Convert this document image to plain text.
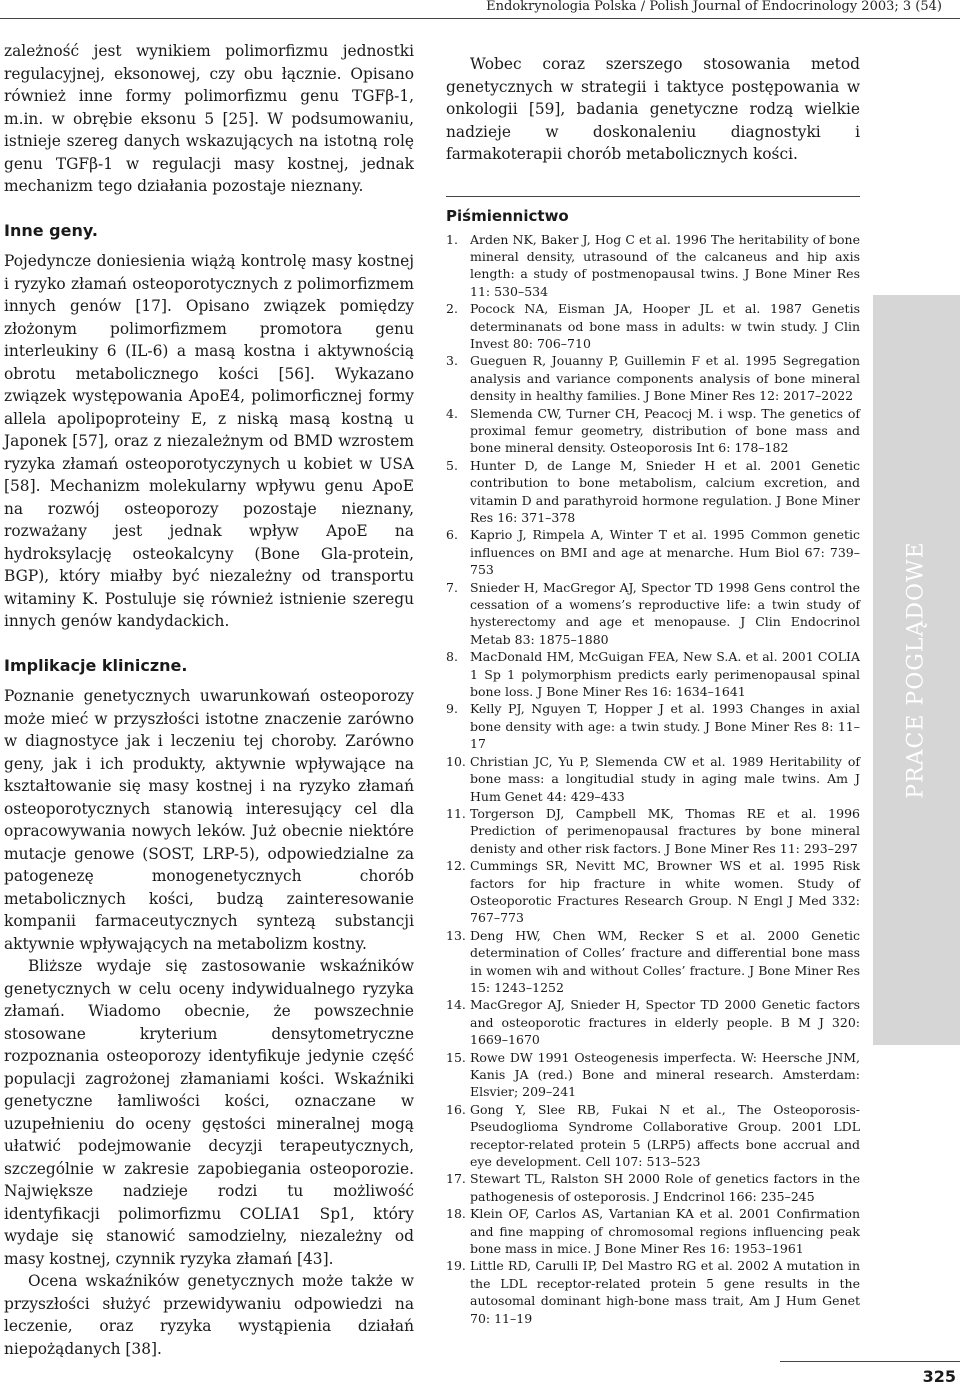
Endokrynologia Polska / Polish Journal of Endocrinology 2003; 3 (54)

zależność jest wynikiem polimorfizmu jednostki regulacyjnej, eksonowej, czy obu łącznie. Opisano również inne formy polimorfizmu genu TGFβ-1, m.in. w obrębie eksonu 5 [25]. W podsumowaniu, istnieje szereg danych wskazujących na istotną rolę genu TGFβ-1 w regulacji masy kostnej, jednak mechanizm tego działania pozostaje nieznany.

Inne geny.

Pojedyncze doniesienia wiążą kontrolę masy kostnej i ryzyko złamań osteoporotycznych z polimorfizmem innych genów [17]. Opisano związek pomiędzy złożonym polimorfizmem promotora genu interleukiny 6 (IL-6) a masą kostna i aktywnością obrotu metabolicznego kości [56]. Wykazano związek występowania ApoE4, polimorficznej formy allela apolipoproteiny E, z niską masą kostną u Japonek [57], oraz z niezależnym od BMD wzrostem ryzyka złamań osteoporotyczynych u kobiet w USA [58]. Mechanizm molekularny wpływu genu ApoE na rozwój osteoporozy pozostaje nieznany, rozważany jest jednak wpływ ApoE na hydroksylację osteokalcyny (Bone Gla-protein, BGP), który miałby być niezależny od transportu witaminy K. Postuluje się również istnienie szeregu innych genów kandydackich.

Implikacje kliniczne.

Poznanie genetycznych uwarunkowań osteoporozy może mieć w przyszłości istotne znaczenie zarówno w diagnostyce jak i leczeniu tej choroby. Zarówno geny, jak i ich produkty, aktywnie wpływające na kształtowanie się masy kostnej i na ryzyko złamań osteoporotycznych stanowią interesujący cel dla opracowywania nowych leków. Już obecnie niektóre mutacje genowe (SOST, LRP-5), odpowiedzialne za patogenezę monogenetycznych chorób metabolicznych kości, budzą zainteresowanie kompanii farmaceutycznych syntezą substancji aktywnie wpływających na metabolizm kostny.

Bliższe wydaje się zastosowanie wskaźników genetycznych w celu oceny indywidualnego ryzyka złamań. Wiadomo obecnie, że powszechnie stosowane kryterium densytometryczne rozpoznania osteoporozy identyfikuje jedynie część populacji zagrożonej złamaniami kości. Wskaźniki genetyczne łamliwości kości, oznaczane w uzupełnieniu do oceny gęstości mineralnej mogą ułatwić podejmowanie decyzji terapeutycznych, szczególnie w zakresie zapobiegania osteoporozie. Największe nadzieje rodzi tu możliwość identyfikacji polimorfizmu COLIA1 Sp1, który wydaje się stanowić samodzielny, niezależny od masy kostnej, czynnik ryzyka złamań [43].

Ocena wskaźników genetycznych może także w przyszłości służyć przewidywaniu odpowiedzi na leczenie, oraz ryzyka wystąpienia działań niepożądanych [38].

Wobec coraz szerszego stosowania metod genetycznych w strategii i taktyce postępowania w onkologii [59], badania genetyczne rodzą wielkie nadzieje w doskonaleniu diagnostyki i farmakoterapii chorób metabolicznych kości.

Piśmiennictwo
1. Arden NK, Baker J, Hog C et al. 1996 The heritability of bone mineral density, utrasound of the calcaneus and hip axis length: a study of postmenopausal twins. J Bone Miner Res 11: 530–534
2. Pocock NA, Eisman JA, Hooper JL et al. 1987 Genetis determinanats od bone mass in adults: w twin study. J Clin Invest 80: 706–710
3. Gueguen R, Jouanny P, Guillemin F et al. 1995 Segregation analysis and variance components analysis of bone mineral density in healthy families. J Bone Miner Res 12: 2017–2022
4. Slemenda CW, Turner CH, Peacocj M. i wsp. The genetics of proximal femur geometry, distribution of bone mass and bone mineral density. Osteoporosis Int 6: 178–182
5. Hunter D, de Lange M, Snieder H et al. 2001 Genetic contribution to bone metabolism, calcium excretion, and vitamin D and parathyroid hormone regulation. J Bone Miner Res 16: 371–378
6. Kaprio J, Rimpela A, Winter T et al. 1995 Common genetic influences on BMI and age at menarche. Hum Biol 67: 739–753
7. Snieder H, MacGregor AJ, Spector TD 1998 Gens control the cessation of a womens’s reproductive life: a twin study of hysterectomy and age et menopause. J Clin Endocrinol Metab 83: 1875–1880
8. MacDonald HM, McGuigan FEA, New S.A. et al. 2001 COLIA 1 Sp 1 polymorphism predicts early perimenopausal spinal bone loss. J Bone Miner Res 16: 1634–1641
9. Kelly PJ, Nguyen T, Hopper J et al. 1993 Changes in axial bone density with age: a twin study. J Bone Miner Res 8: 11–17
10. Christian JC, Yu P, Slemenda CW et al. 1989 Heritability of bone mass: a longitudial study in aging male twins. Am J Hum Genet 44: 429–433
11. Torgerson DJ, Campbell MK, Thomas RE et al. 1996 Prediction of perimenopausal fractures by bone mineral denisty and other risk factors. J Bone Miner Res 11: 293–297
12. Cummings SR, Nevitt MC, Browner WS et al. 1995 Risk factors for hip fracture in white women. Study of Osteoporotic Fractures Research Group. N Engl J Med 332: 767–773
13. Deng HW, Chen WM, Recker S et al. 2000 Genetic determination of Colles’ fracture and differential bone mass in women wih and without Colles’ fracture. J Bone Miner Res 15: 1243–1252
14. MacGregor AJ, Snieder H, Spector TD 2000 Genetic factors and osteoporotic fractures in elderly people. B M J 320: 1669–1670
15. Rowe DW 1991 Osteogenesis imperfecta. W: Heersche JNM, Kanis JA (red.) Bone and mineral research. Amsterdam: Elsvier; 209–241
16. Gong Y, Slee RB, Fukai N et al., The Osteoporosis-Pseudoglioma Syndrome Collaborative Group. 2001 LDL receptor-related protein 5 (LRP5) affects bone accrual and eye development. Cell 107: 513–523
17. Stewart TL, Ralston SH 2000 Role of genetics factors in the pathogenesis of osteporosis. J Endcrinol 166: 235–245
18. Klein OF, Carlos AS, Vartanian KA et al. 2001 Confirmation and fine mapping of chromosomal regions influencing peak bone mass in mice. J Bone Miner Res 16: 1953–1961
19. Little RD, Carulli IP, Del Mastro RG et al. 2002 A mutation in the LDL receptor-related protein 5 gene results in the autosomal dominant high-bone mass trait, Am J Hum Genet 70: 11–19
PRACE POGLĄDOWE
325
